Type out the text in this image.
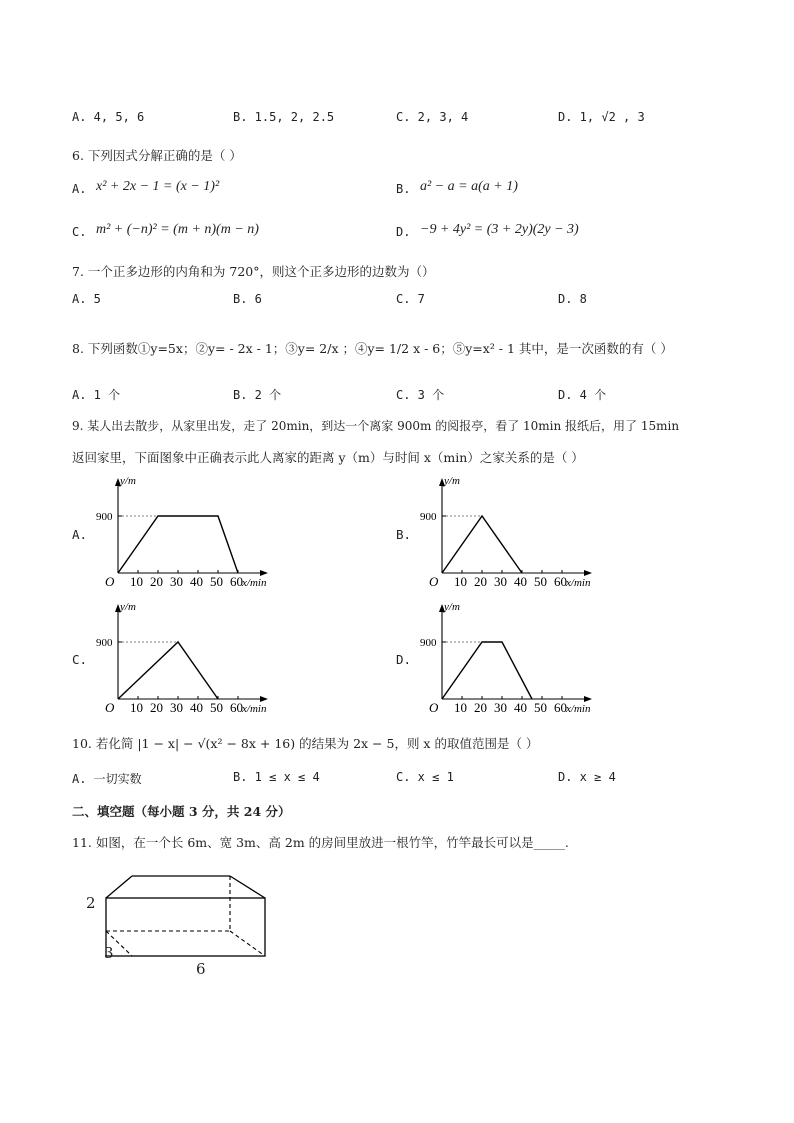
A. 4, 5, 6	B. 1.5, 2, 2.5	C. 2, 3, 4	D. 1, √2 , 3
6. 下列因式分解正确的是（ ）
A. x² + 2x − 1 = (x − 1)²	B. a² − a = a(a + 1)
C. m² + (−n)² = (m + n)(m − n)	D. −9 + 4y² = (3 + 2y)(2y − 3)
7. 一个正多边形的内角和为 720°，则这个正多边形的边数为（）
A. 5	B. 6	C. 7	D. 8
8. 下列函数①y=5x；②y= - 2x - 1；③y= 2/x ；④y= 1/2 x - 6；⑤y=x² - 1 其中，是一次函数的有（ ）
A. 1 个	B. 2 个	C. 3 个	D. 4 个
9. 某人出去散步，从家里出发，走了 20min，到达一个离家 900m 的阅报亭，看了 10min 报纸后，用了 15min
返回家里，下面图象中正确表示此人离家的距离 y（m）与时间 x（min）之家关系的是（ ）
A.
900
y/m
O 10 20 30 40 50 60 x/min
B.
900
y/m
O 10 20 30 40 50 60 x/min
C.
900
y/m
O 10 20 30 40 50 60 x/min
D.
900
y/m
O 10 20 30 40 50 60 x/min
10. 若化简 |1 − x| − √(x² − 8x + 16) 的结果为 2x − 5，则 x 的取值范围是（ ）
A. 一切实数	B. 1 ≤ x ≤ 4	C. x ≤ 1	D. x ≥ 4
二、填空题（每小题 3 分，共 24 分）
11. 如图，在一个长 6m、宽 3m、高 2m 的房间里放进一根竹竿，竹竿最长可以是_____.
2
3
6
